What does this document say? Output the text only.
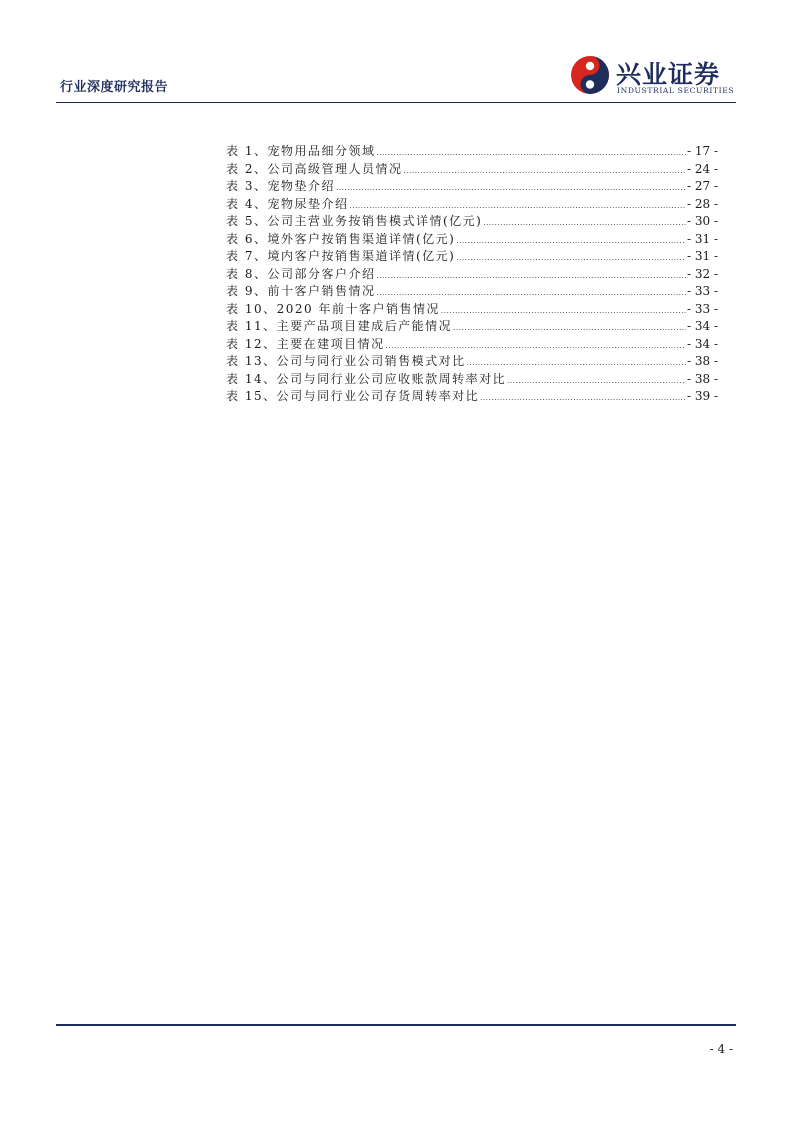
行业深度研究报告	兴业证券
INDUSTRIAL SECURITIES
表 1、宠物用品细分领域 .....	- 17 -
表 2、公司高级管理人员情况 .....	- 24 -
表 3、宠物垫介绍 .....	- 27 -
表 4、宠物尿垫介绍 .....	- 28 -
表 5、公司主营业务按销售模式详情(亿元) .....	- 30 -
表 6、境外客户按销售渠道详情(亿元) .....	- 31 -
表 7、境内客户按销售渠道详情(亿元) .....	- 31 -
表 8、公司部分客户介绍 .....	- 32 -
表 9、前十客户销售情况 .....	- 33 -
表 10、2020 年前十客户销售情况 .....	- 33 -
表 11、主要产品项目建成后产能情况 .....	- 34 -
表 12、主要在建项目情况 .....	- 34 -
表 13、公司与同行业公司销售模式对比 .....	- 38 -
表 14、公司与同行业公司应收账款周转率对比 .....	- 38 -
表 15、公司与同行业公司存货周转率对比 .....	- 39 -
- 4 -
